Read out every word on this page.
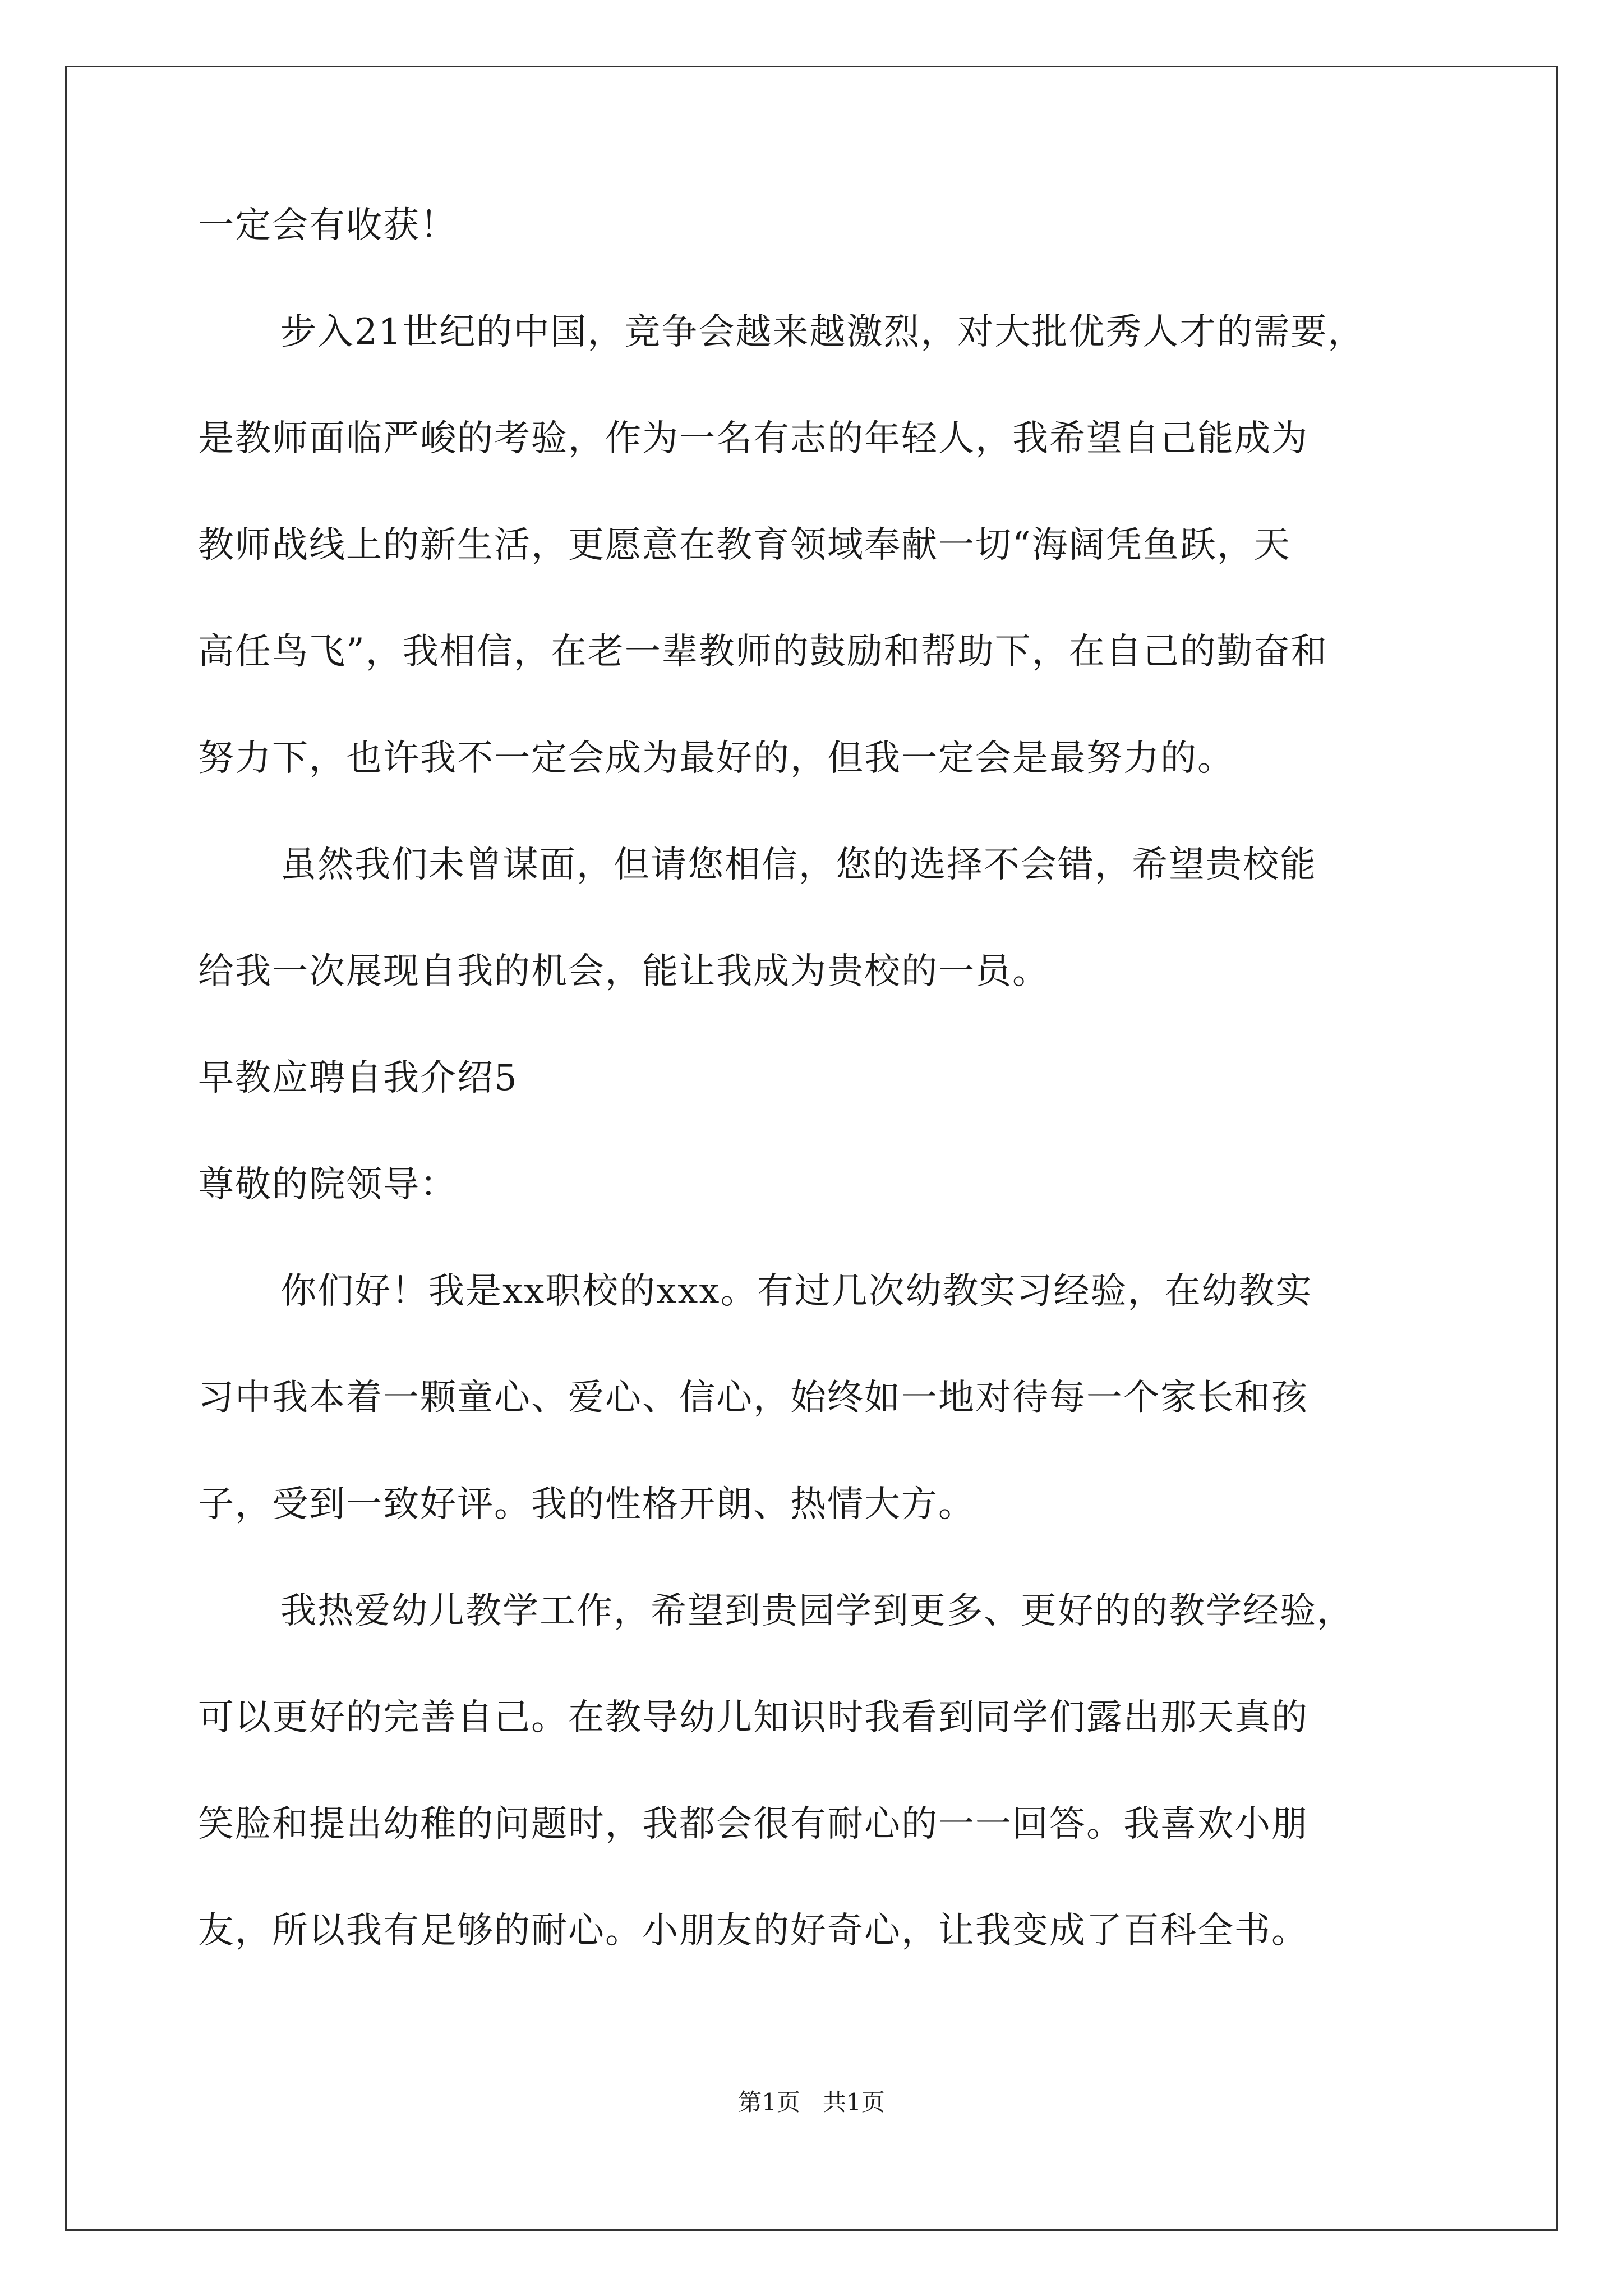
一定会有收获！
步入21世纪的中国，竞争会越来越激烈，对大批优秀人才的需要，
是教师面临严峻的考验，作为一名有志的年轻人，我希望自己能成为
教师战线上的新生活，更愿意在教育领域奉献一切“海阔凭鱼跃，天
高任鸟飞”，我相信，在老一辈教师的鼓励和帮助下，在自己的勤奋和
努力下，也许我不一定会成为最好的，但我一定会是最努力的。
虽然我们未曾谋面，但请您相信，您的选择不会错，希望贵校能
给我一次展现自我的机会，能让我成为贵校的一员。
早教应聘自我介绍5
尊敬的院领导：
你们好！我是xx职校的xxx。有过几次幼教实习经验，在幼教实
习中我本着一颗童心、爱心、信心，始终如一地对待每一个家长和孩
子，受到一致好评。我的性格开朗、热情大方。
我热爱幼儿教学工作，希望到贵园学到更多、更好的的教学经验，
可以更好的完善自己。在教导幼儿知识时我看到同学们露出那天真的
笑脸和提出幼稚的问题时，我都会很有耐心的一一回答。我喜欢小朋
友，所以我有足够的耐心。小朋友的好奇心，让我变成了百科全书。
第1页   共1页
